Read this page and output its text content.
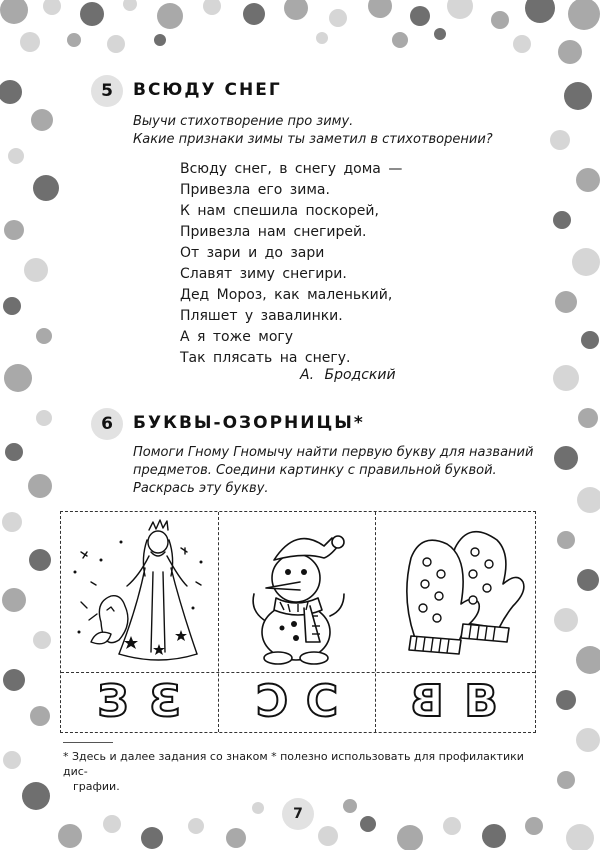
5	ВСЮДУ СНЕГ
Выучи стихотворение про зиму.
Какие признаки зимы ты заметил в стихотворении?
Всюду снег, в снегу дома —
Привезла его зима.
К нам спешила поскорей,
Привезла нам снегирей.
От зари и до зари
Славят зиму снегири.
Дед Мороз, как маленький,
Пляшет у завалинки.
А я тоже могу
Так плясать на снегу.
А. Бродский
6	БУКВЫ-ОЗОРНИЦЫ*
Помоги Гному Гномычу найти первую букву для названий
предметов. Соедини картинку с правильной буквой.
Раскрась эту букву.
З З С С В В
* Здесь и далее задания со знаком * полезно использовать для профилактики дис-
графии.
7
